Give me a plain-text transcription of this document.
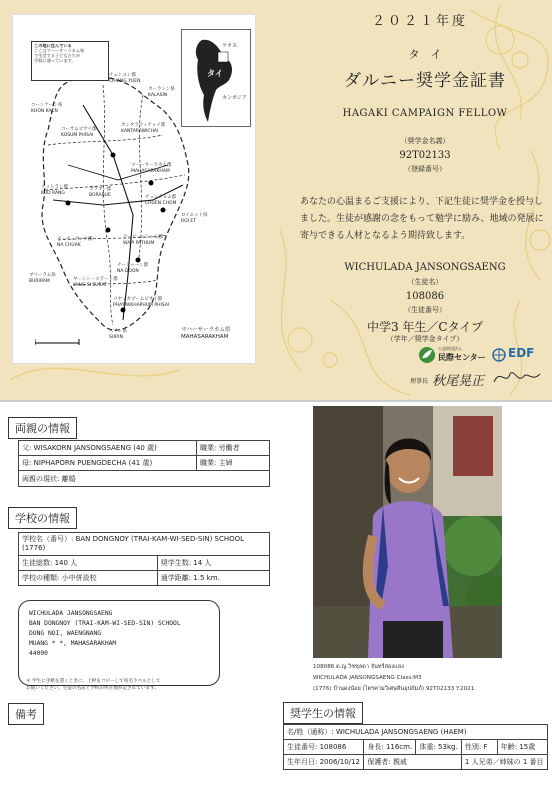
この地に住んでいる
ここはマハーサーラカム県
で生活する子どもたちが
学校に通っています。
ラオス
タイ
カンボジア
コーンケーン県
KHON KAEN
カーラシン県
KALASIN
ロイエット県
ROI ET
ブリーラム県
BURIRAM
スリン県
SURIN
マハーサーラカム郡
MAHASARAKHAM
コーサムピサイ郡
KOSUM PHISAI
カンタラウィチャイ郡
KANTARAWICHAI
ボラブー郡
BORABUE
ナーチュアック郡
NA CHUAK
ナードゥーン郡
NA DOON
パヤッカプームピサイ郡
PHAYAKKHAPHUM PHISAI
ワーピーパトゥム郡
WAPI PATHUM
チェンユン郡
CHIANG YUEN
クットラン郡
KUD RANG
ヤーンシースラート郡
YANG SI SURAT
チュンチョム郡
CHUEN CHOM
マハーサーラカム県
MAHASARAKHAM
２０２１年度
タ　イ
ダルニー奨学金証書
HAGAKI CAMPAIGN FELLOW
（奨学金名義）
92T02133
（登録番号）
あなたの心温まるご支援により、下記生徒に奨学金を授与しました。生徒が感謝の念をもって勉学に励み、地域の発展に寄与できる人材となるよう期待致します。
WICHULADA JANSONGSAENG
（生徒名）
108086
（生徒番号）
中学3 年生／Cタイプ
（学年／奨学金タイプ）
公益財団法人
民際センター EDF
理事長 秋尾晃正
両親の情報
父: WISAKORN JANSONGSAENG (40 歳)	職業: 労働者
母: NIPHAPORN PUENGDECHA (41 歳)	職業: 主婦
両親の現状: 離婚	
学校の情報
学校名（番号）: BAN DONGNOY (TRAI-KAM-WI-SED-SIN) SCHOOL (1776)	
生徒総数: 140 人	奨学生数: 14 人
学校の種類: 小中併設校	通学距離: 1.5 km.
WICHULADA JANSONGSAENG
BAN DONGNOY (TRAI-KAM-WI-SED-SIN) SCHOOL
DONG NOI, WAENGNANG
MUANG * *, MAHASARAKHAM
44000
＊ 学生に手紙を書くときに、上枠をコピーして宛名ラベルとして
お使いください。生徒の名前と学校の所在地が記されています。
備考
108086 ด.ญ.วิชชุลดา จันทร์ส่องแสง
WICHULADA JANSONGSAENG Class:M3
(1776) บ้านดงน้อย (ไตรคามวิเศษสินอุปถัมภ์) 92T02133 Y.2021
奨学生の情報
名/姓（通称）: WICHULADA JANSONGSAENG (HAEM)				
生徒番号: 108086	身長: 116cm.	体重: 53kg.	性別: F	年齢: 15歳
生年月日: 2006/10/12	保護者: 親戚		1 人兄弟／姉妹の 1 番目	
